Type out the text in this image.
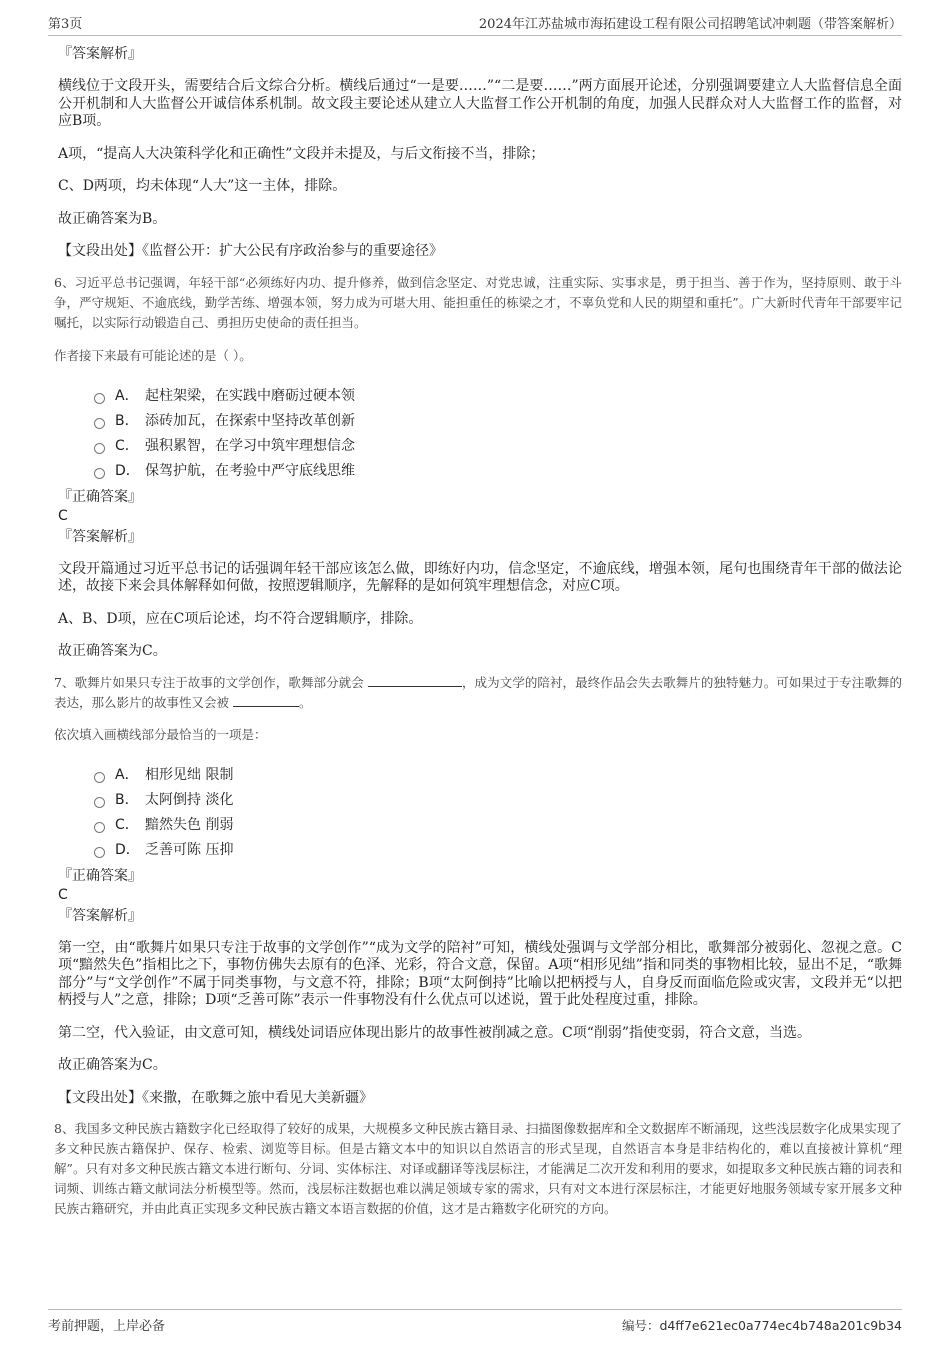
第3页	2024年江苏盐城市海拓建设工程有限公司招聘笔试冲刺题（带答案解析）
『答案解析』
横线位于文段开头，需要结合后文综合分析。横线后通过“一是要……”“二是要……”两方面展开论述，分别强调要建立人大监督信息全面公开机制和人大监督公开诚信体系机制。故文段主要论述从建立人大监督工作公开机制的角度，加强人民群众对人大监督工作的监督，对应B项。
A项，“提高人大决策科学化和正确性”文段并未提及，与后文衔接不当，排除；
C、D两项，均未体现“人大”这一主体，排除。
故正确答案为B。
【文段出处】《监督公开：扩大公民有序政治参与的重要途径》
6、习近平总书记强调，年轻干部“必须练好内功、提升修养，做到信念坚定、对党忠诚，注重实际、实事求是，勇于担当、善于作为，坚持原则、敢于斗争，严守规矩、不逾底线，勤学苦练、增强本领，努力成为可堪大用、能担重任的栋梁之才，不辜负党和人民的期望和重托”。广大新时代青年干部要牢记嘱托，以实际行动锻造自己、勇担历史使命的责任担当。
作者接下来最有可能论述的是（ ）。
A． 起柱架梁，在实践中磨砺过硬本领
B． 添砖加瓦，在探索中坚持改革创新
C． 强积累智，在学习中筑牢理想信念
D． 保驾护航，在考验中严守底线思维
『正确答案』
C
『答案解析』
文段开篇通过习近平总书记的话强调年轻干部应该怎么做，即练好内功，信念坚定，不逾底线，增强本领，尾句也围绕青年干部的做法论述，故接下来会具体解释如何做，按照逻辑顺序，先解释的是如何筑牢理想信念，对应C项。
A、B、D项，应在C项后论述，均不符合逻辑顺序，排除。
故正确答案为C。
7、歌舞片如果只专注于故事的文学创作，歌舞部分就会	，成为文学的陪衬，最终作品会失去歌舞片的独特魅力。可如果过于专注歌舞的表达，那么影片的故事性又会被	。
依次填入画横线部分最恰当的一项是：
A． 相形见绌 限制
B． 太阿倒持 淡化
C． 黯然失色 削弱
D． 乏善可陈 压抑
『正确答案』
C
『答案解析』
第一空，由“歌舞片如果只专注于故事的文学创作”“成为文学的陪衬”可知，横线处强调与文学部分相比，歌舞部分被弱化、忽视之意。C项“黯然失色”指相比之下，事物仿佛失去原有的色泽、光彩，符合文意，保留。A项“相形见绌”指和同类的事物相比较，显出不足，“歌舞部分”与“文学创作”不属于同类事物，与文意不符，排除；B项“太阿倒持”比喻以把柄授与人，自身反而面临危险或灾害，文段并无“以把柄授与人”之意，排除；D项“乏善可陈”表示一件事物没有什么优点可以述说，置于此处程度过重，排除。
第二空，代入验证，由文意可知，横线处词语应体现出影片的故事性被削减之意。C项“削弱”指使变弱，符合文意，当选。
故正确答案为C。
【文段出处】《来撒，在歌舞之旅中看见大美新疆》
8、我国多文种民族古籍数字化已经取得了较好的成果，大规模多文种民族古籍目录、扫描图像数据库和全文数据库不断涌现，这些浅层数字化成果实现了多文种民族古籍保护、保存、检索、浏览等目标。但是古籍文本中的知识以自然语言的形式呈现，自然语言本身是非结构化的，难以直接被计算机“理解”。只有对多文种民族古籍文本进行断句、分词、实体标注、对译或翻译等浅层标注，才能满足二次开发和利用的要求，如提取多文种民族古籍的词表和词频、训练古籍文献词法分析模型等。然而，浅层标注数据也难以满足领域专家的需求，只有对文本进行深层标注，才能更好地服务领域专家开展多文种民族古籍研究，并由此真正实现多文种民族古籍文本语言数据的价值，这才是古籍数字化研究的方向。
考前押题，上岸必备	编号：d4ff7e621ec0a774ec4b748a201c9b34
